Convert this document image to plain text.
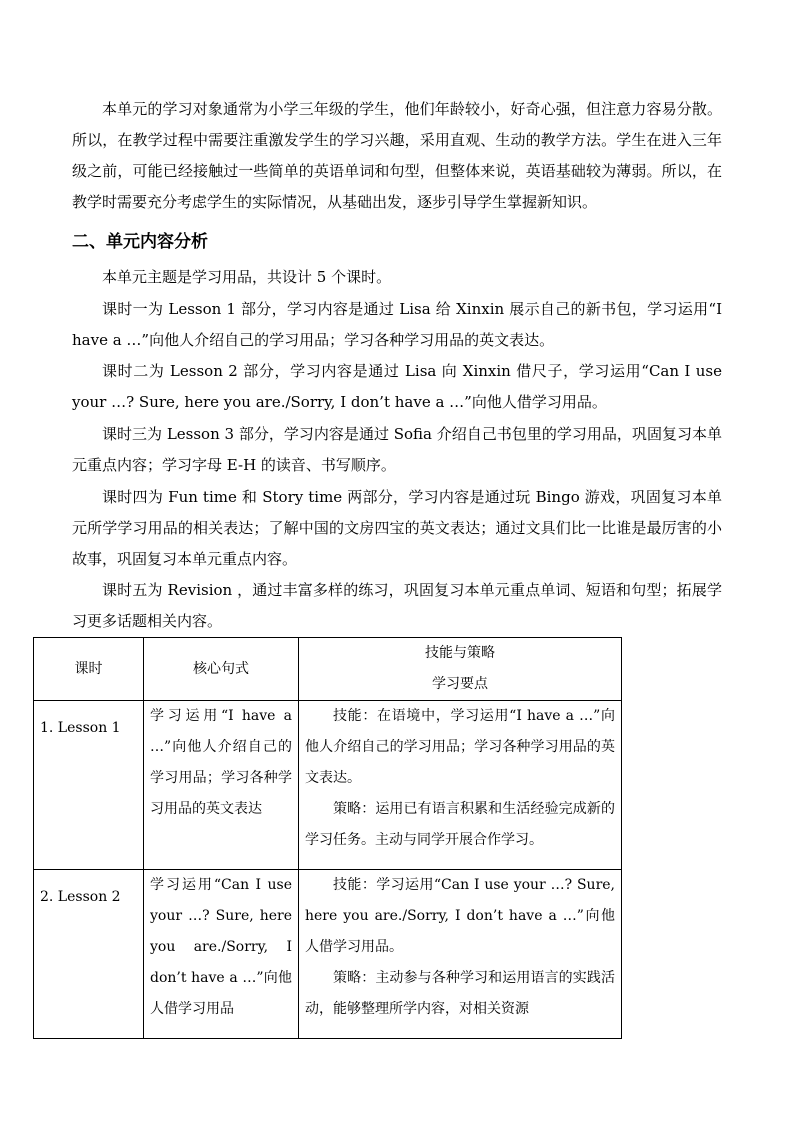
本单元的学习对象通常为小学三年级的学生，他们年龄较小，好奇心强，但注意力容易分散。所以，在教学过程中需要注重激发学生的学习兴趣，采用直观、生动的教学方法。学生在进入三年级之前，可能已经接触过一些简单的英语单词和句型，但整体来说，英语基础较为薄弱。所以，在教学时需要充分考虑学生的实际情况，从基础出发，逐步引导学生掌握新知识。

二、单元内容分析

本单元主题是学习用品，共设计 5 个课时。

课时一为 Lesson 1 部分，学习内容是通过 Lisa 给 Xinxin 展示自己的新书包，学习运用“I have a …”向他人介绍自己的学习用品；学习各种学习用品的英文表达。

课时二为 Lesson 2 部分，学习内容是通过 Lisa 向 Xinxin 借尺子，学习运用“Can I use your …? Sure, here you are./Sorry, I don’t have a …”向他人借学习用品。

课时三为 Lesson 3 部分，学习内容是通过 Sofia 介绍自己书包里的学习用品，巩固复习本单元重点内容；学习字母 E-H 的读音、书写顺序。

课时四为 Fun time 和 Story time 两部分，学习内容是通过玩 Bingo 游戏，巩固复习本单元所学学习用品的相关表达；了解中国的文房四宝的英文表达；通过文具们比一比谁是最厉害的小故事，巩固复习本单元重点内容。

课时五为 Revision ，通过丰富多样的练习，巩固复习本单元重点单词、短语和句型；拓展学习更多话题相关内容。

课时	核心句式	技能与策略
学习要点

1. Lesson 1	学习运用“I have a …”向他人介绍自己的学习用品；学习各种学习用品的英文表达	技能：在语境中，学习运用“I have a …”向他人介绍自己的学习用品；学习各种学习用品的英文表达。

策略：运用已有语言积累和生活经验完成新的学习任务。主动与同学开展合作学习。

2. Lesson 2	学习运用“Can I use your …? Sure, here you are./Sorry, I don’t have a …”向他人借学习用品	技能：学习运用“Can I use your …? Sure, here you are./Sorry, I don’t have a …”向他人借学习用品。

策略：主动参与各种学习和运用语言的实践活动，能够整理所学内容，对相关资源
